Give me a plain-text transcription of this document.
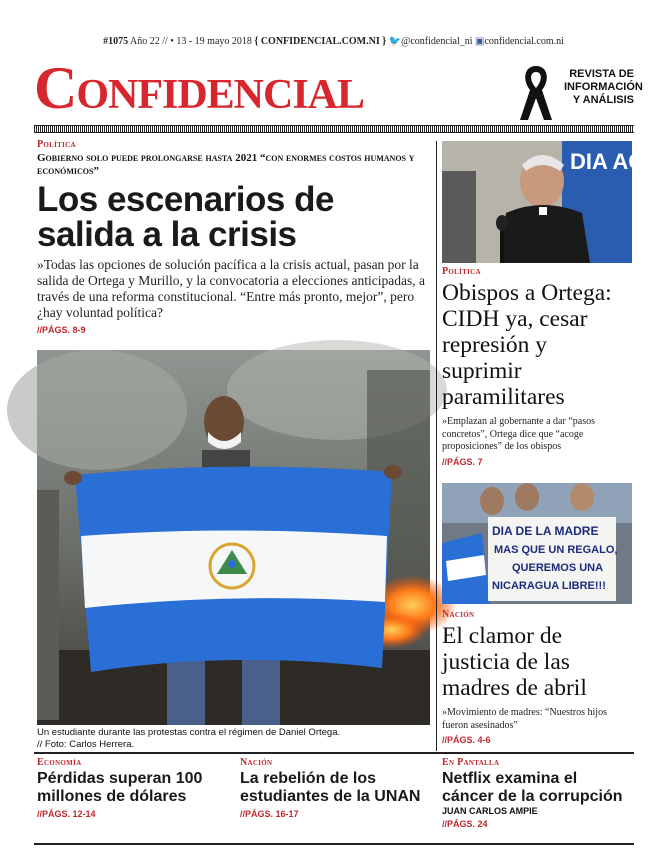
#1075 Año 22 // • 13 - 19 mayo 2018 { CONFIDENCIAL.COM.NI } 🐦@confidencial_ni ▣confidencial.com.ni
Confidencial	REVISTA DE
INFORMACIÓN
Y ANÁLISIS
Política
Gobierno solo puede prolongarse hasta 2021 “con enormes costos humanos y económicos”
Los escenarios de salida a la crisis
»Todas las opciones de solución pacífica a la crisis actual, pasan por la salida de Ortega y Murillo, y la convocatoria a elecciones anticipadas, a través de una reforma constitucional. “Entre más pronto, mejor”, pero ¿hay voluntad política?
// PÁGS. 8-9
Un estudiante durante las protestas contra el régimen de Daniel Ortega.
// Foto: Carlos Herrera.
DIA AC
Política
Obispos a Ortega: CIDH ya, cesar represión y suprimir paramilitares
»Emplazan al gobernante a dar “pasos concretos”, Ortega dice que “acoge proposiciones” de los obispos
// PÁGS. 7
DIA DE LA MADRE
MAS QUE UN REGALO,
QUEREMOS UNA
NICARAGUA LIBRE!!!
Nación
El clamor de justicia de las madres de abril
»Movimiento de madres: “Nuestros hijos fueron asesinados”
// PÁGS. 4-6
Economía
Pérdidas superan 100 millones de dólares
// PÁGS. 12-14
Nación
La rebelión de los estudiantes de la UNAN
// PÁGS. 16-17
En Pantalla
Netflix examina el cáncer de la corrupción
JUAN CARLOS AMPIE
// PÁGS. 24
